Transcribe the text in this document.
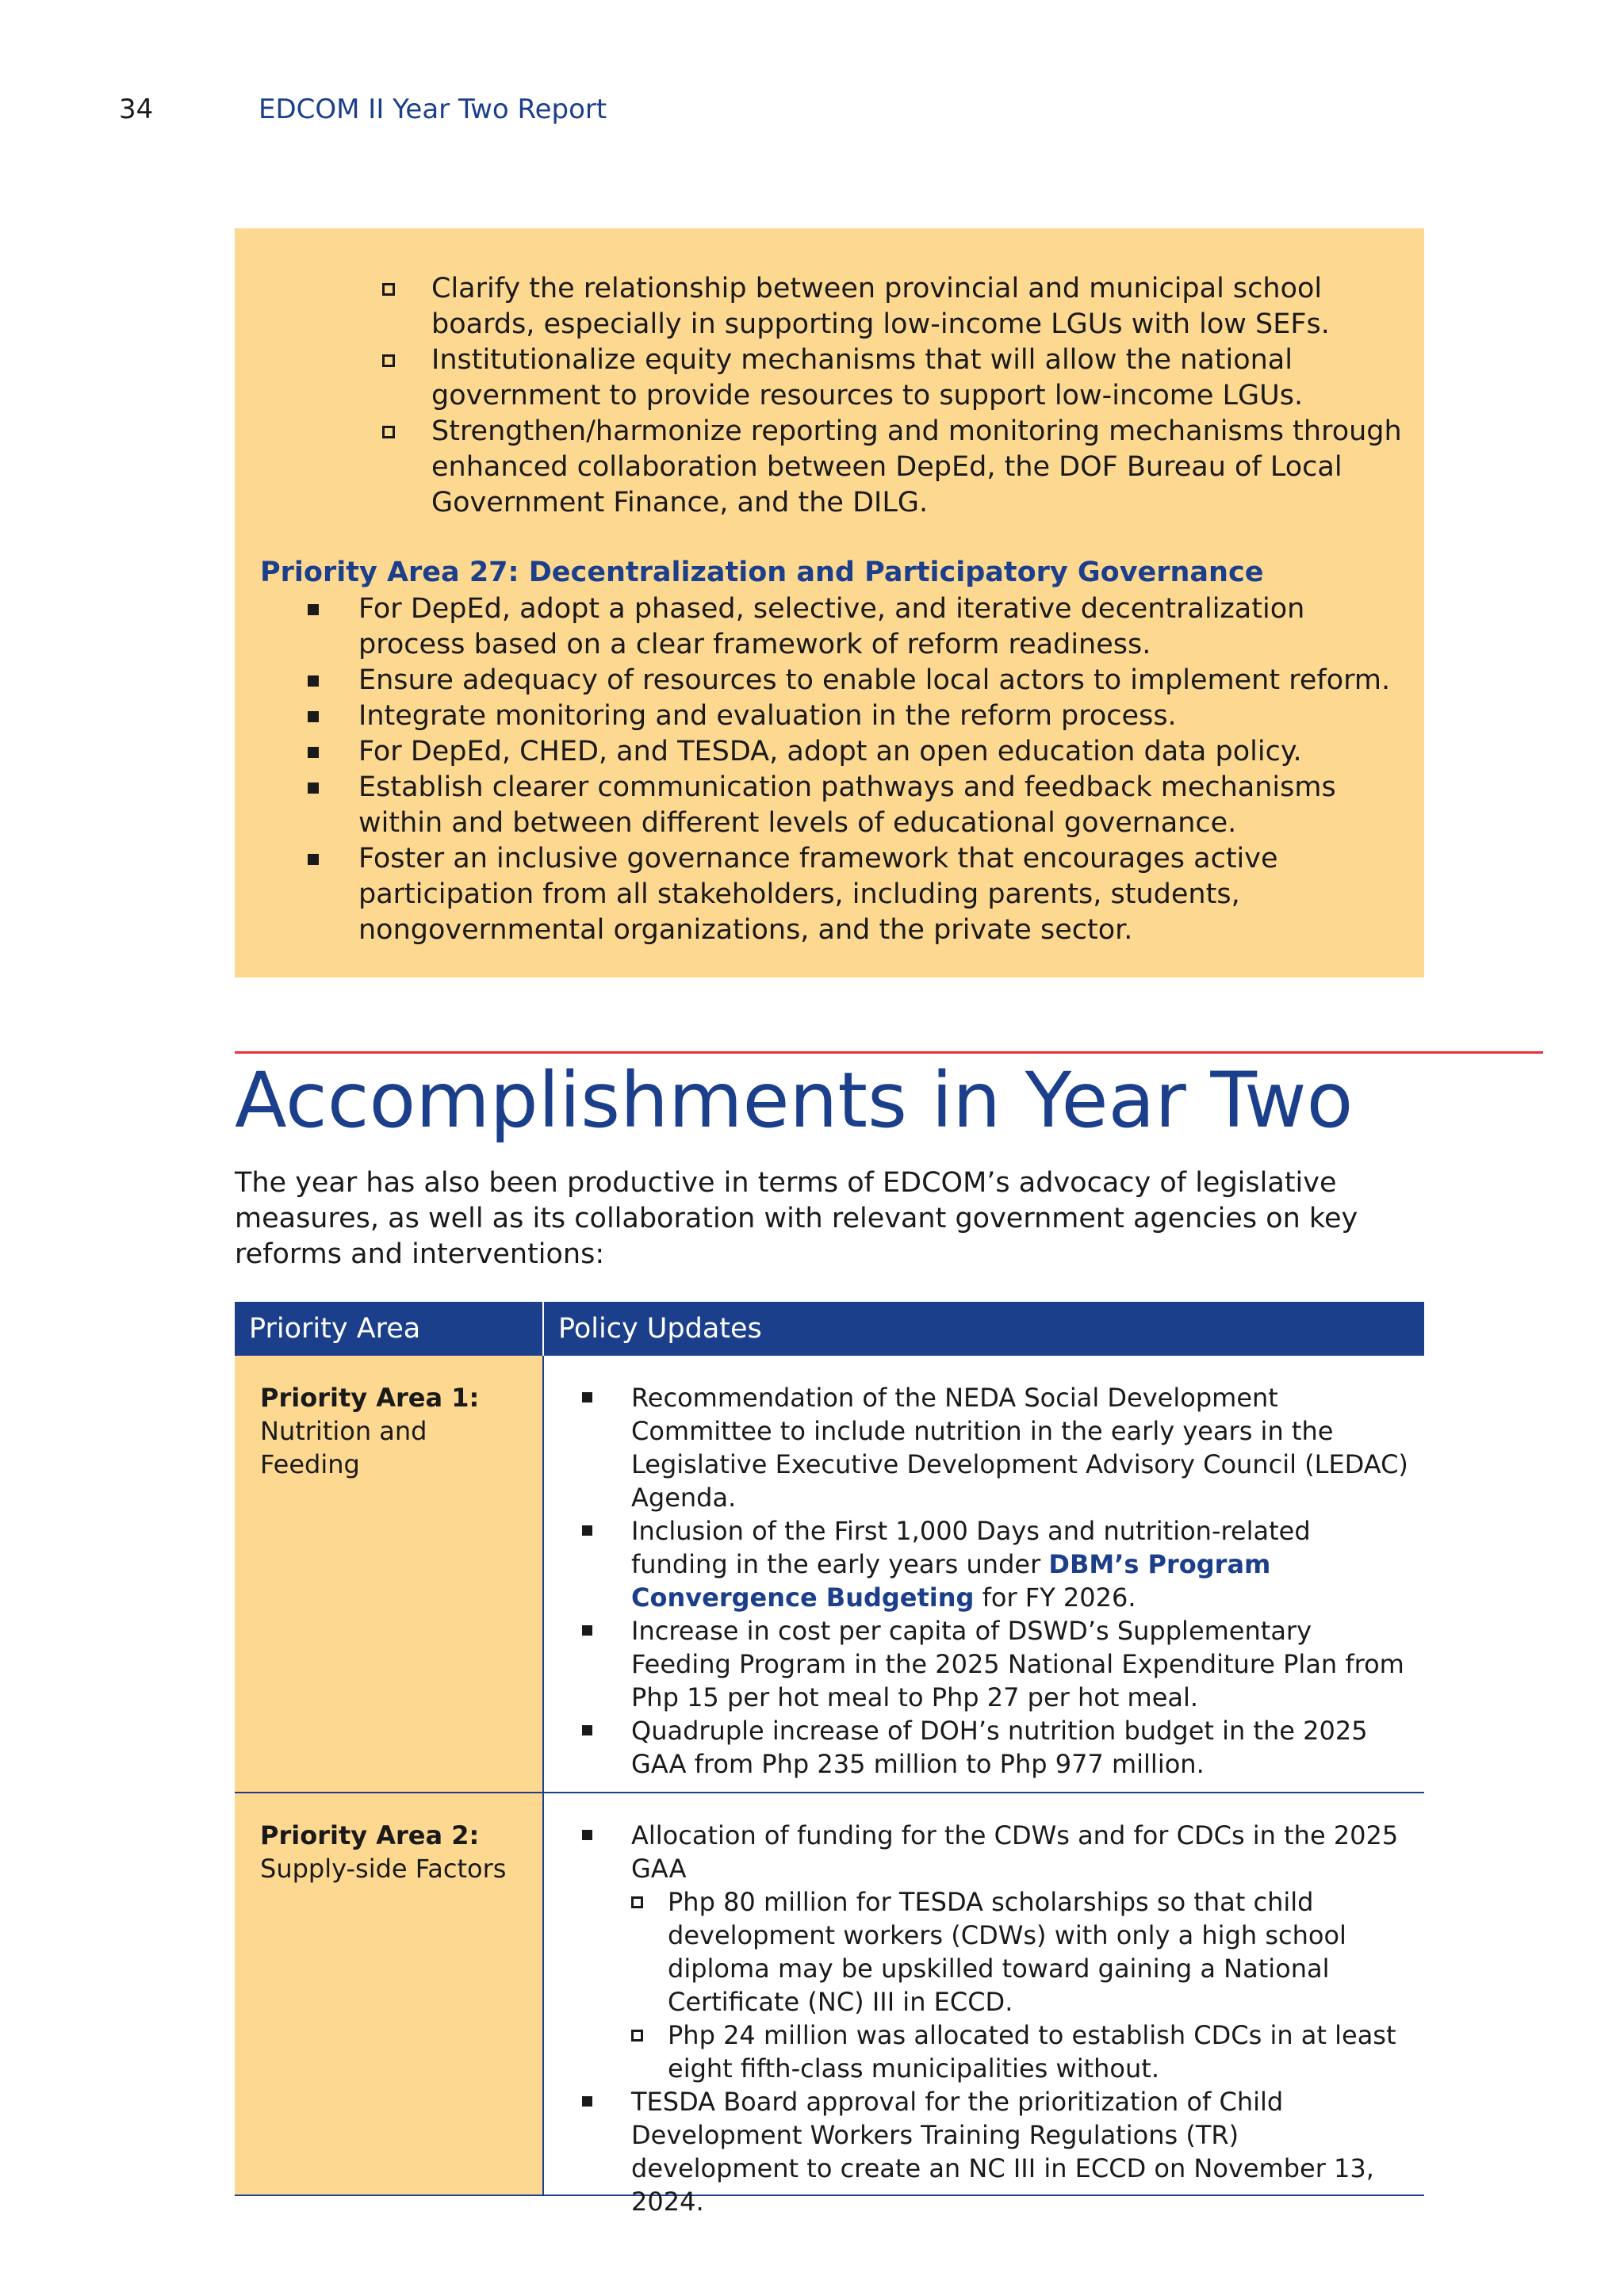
34	EDCOM II Year Two Report
Clarify the relationship between provincial and municipal school boards, especially in supporting low-income LGUs with low SEFs.
Institutionalize equity mechanisms that will allow the national government to provide resources to support low-income LGUs.
Strengthen/harmonize reporting and monitoring mechanisms through enhanced collaboration between DepEd, the DOF Bureau of Local Government Finance, and the DILG.
Priority Area 27: Decentralization and Participatory Governance
For DepEd, adopt a phased, selective, and iterative decentralization process based on a clear framework of reform readiness.
Ensure adequacy of resources to enable local actors to implement reform.
Integrate monitoring and evaluation in the reform process.
For DepEd, CHED, and TESDA, adopt an open education data policy.
Establish clearer communication pathways and feedback mechanisms within and between different levels of educational governance.
Foster an inclusive governance framework that encourages active participation from all stakeholders, including parents, students, nongovernmental organizations, and the private sector.
Accomplishments in Year Two

The year has also been productive in terms of EDCOM’s advocacy of legislative measures, as well as its collaboration with relevant government agencies on key reforms and interventions:

Priority Area	Policy Updates
Priority Area 1:
Nutrition and Feeding
Recommendation of the NEDA Social Development Committee to include nutrition in the early years in the Legislative Executive Development Advisory Council (LEDAC) Agenda.
Inclusion of the First 1,000 Days and nutrition-related funding in the early years under DBM’s Program Convergence Budgeting for FY 2026.
Increase in cost per capita of DSWD’s Supplementary Feeding Program in the 2025 National Expenditure Plan from Php 15 per hot meal to Php 27 per hot meal.
Quadruple increase of DOH’s nutrition budget in the 2025 GAA from Php 235 million to Php 977 million.
Priority Area 2:
Supply-side Factors
Allocation of funding for the CDWs and for CDCs in the 2025 GAA
Php 80 million for TESDA scholarships so that child development workers (CDWs) with only a high school diploma may be upskilled toward gaining a National Certificate (NC) III in ECCD.
Php 24 million was allocated to establish CDCs in at least eight fifth-class municipalities without.
TESDA Board approval for the prioritization of Child Development Workers Training Regulations (TR) development to create an NC III in ECCD on November 13, 2024.
